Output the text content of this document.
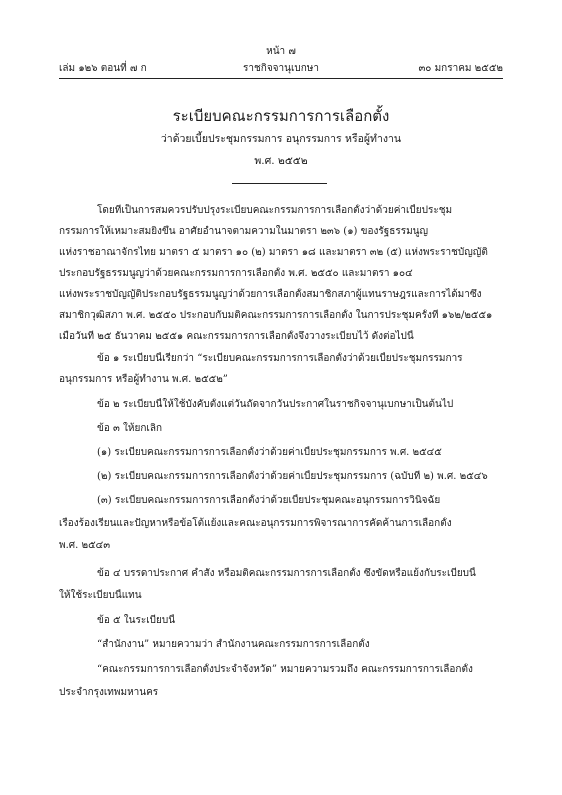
หน้า ๗
ราชกิจจานุเบกษา
เล่ม ๑๒๖ ตอนที่ ๗ ก	๓๐ มกราคม ๒๕๕๒
ระเบียบคณะกรรมการการเลือกตั้ง
ว่าด้วยเบี้ยประชุมกรรมการ อนุกรรมการ หรือผู้ทำงาน
พ.ศ. ๒๕๕๒
โดยที่เป็นการสมควรปรับปรุงระเบียบคณะกรรมการการเลือกตั้งว่าด้วยค่าเบี้ยประชุม
กรรมการให้เหมาะสมยิ่งขึ้น อาศัยอำนาจตามความในมาตรา ๒๓๖ (๑) ของรัฐธรรมนูญ
แห่งราชอาณาจักรไทย มาตรา ๕ มาตรา ๑๐ (๒) มาตรา ๑๘ และมาตรา ๓๒ (๕) แห่งพระราชบัญญัติ
ประกอบรัฐธรรมนูญว่าด้วยคณะกรรมการการเลือกตั้ง พ.ศ. ๒๕๕๐ และมาตรา ๑๐๔
แห่งพระราชบัญญัติประกอบรัฐธรรมนูญว่าด้วยการเลือกตั้งสมาชิกสภาผู้แทนราษฎรและการได้มาซึ่ง
สมาชิกวุฒิสภา พ.ศ. ๒๕๕๐ ประกอบกับมติคณะกรรมการการเลือกตั้ง ในการประชุมครั้งที่ ๑๖๒/๒๕๕๑
เมื่อวันที่ ๒๕ ธันวาคม ๒๕๕๑ คณะกรรมการการเลือกตั้งจึงวางระเบียบไว้ ดังต่อไปนี้
ข้อ ๑ ระเบียบนี้เรียกว่า “ระเบียบคณะกรรมการการเลือกตั้งว่าด้วยเบี้ยประชุมกรรมการ
อนุกรรมการ หรือผู้ทำงาน พ.ศ. ๒๕๕๒”
ข้อ ๒ ระเบียบนี้ให้ใช้บังคับตั้งแต่วันถัดจากวันประกาศในราชกิจจานุเบกษาเป็นต้นไป
ข้อ ๓ ให้ยกเลิก
(๑) ระเบียบคณะกรรมการการเลือกตั้งว่าด้วยค่าเบี้ยประชุมกรรมการ พ.ศ. ๒๕๔๕
(๒) ระเบียบคณะกรรมการการเลือกตั้งว่าด้วยค่าเบี้ยประชุมกรรมการ (ฉบับที่ ๒) พ.ศ. ๒๕๔๖
(๓) ระเบียบคณะกรรมการการเลือกตั้งว่าด้วยเบี้ยประชุมคณะอนุกรรมการวินิจฉัย
เรื่องร้องเรียนและปัญหาหรือข้อโต้แย้งและคณะอนุกรรมการพิจารณาการคัดค้านการเลือกตั้ง
พ.ศ. ๒๕๔๓
ข้อ ๔ บรรดาประกาศ คำสั่ง หรือมติคณะกรรมการการเลือกตั้ง ซึ่งขัดหรือแย้งกับระเบียบนี้
ให้ใช้ระเบียบนี้แทน
ข้อ ๕ ในระเบียบนี้
“สำนักงาน” หมายความว่า สำนักงานคณะกรรมการการเลือกตั้ง
“คณะกรรมการการเลือกตั้งประจำจังหวัด” หมายความรวมถึง คณะกรรมการการเลือกตั้ง
ประจำกรุงเทพมหานคร
